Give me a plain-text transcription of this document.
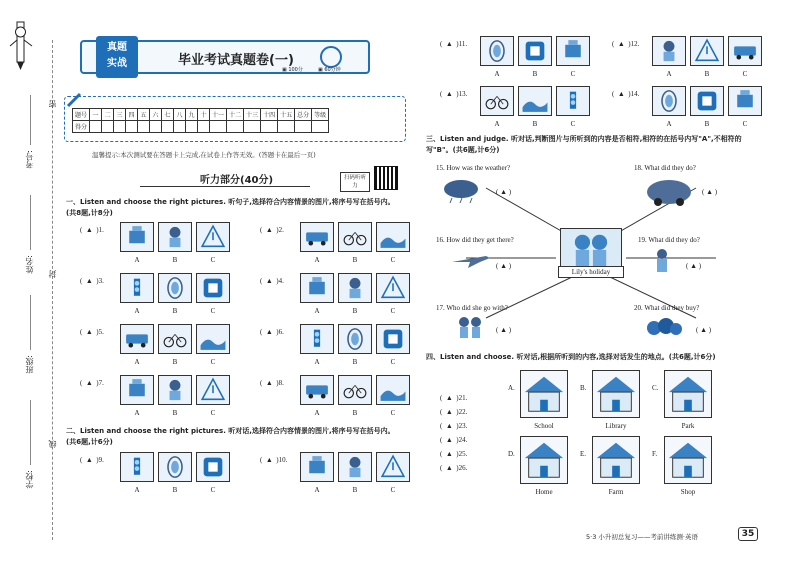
密
封
线
考号:
姓名:
班级:
学校:
真题
实战	毕业考试真题卷(一)
▣ 100分	▣ 60分钟
题号	一	二	三	四	五	六	七	八	九	十	十一	十二	十三	十四	十五	总分	等级
得分																	
温馨提示:本次测试要在答题卡上完成,在试卷上作答无效。(答题卡在最后一页)
听力部分(40分)	扫码听听力
一、Listen and choose the right pictures. 听句子,选择符合内容情景的图片,将序号写在括号内。(共8题,计8分)
(  ▲ )1.
A	B	C
(  ▲ )2.
A	B	C
(  ▲ )3.
A	B	C
(  ▲ )4.
A	B	C
(  ▲ )5.
A	B	C
(  ▲ )6.
A	B	C
(  ▲ )7.
A	B	C
(  ▲ )8.
A	B	C
(  ▲ )9.
A	B	C
(  ▲ )10.
A	B	C
二、Listen and choose the right pictures. 听对话,选择符合内容情景的图片,将序号写在括号内。(共6题,计6分)
(  ▲ )11.
A	B	C
(  ▲ )12.
A	B	C
(  ▲ )13.
A	B	C
(  ▲ )14.
A	B	C
三、Listen and judge. 听对话,判断图片与所听到的内容是否相符,相符的在括号内写"A",不相符的写"B"。(共6题,计6分)
15. How was the weather?
( ▲ )
18. What did they do?
( ▲ )
16. How did they get there?
( ▲ )
Lily's holiday
19. What did they do?
( ▲ )
17. Who did she go with?
( ▲ )
20. What did they buy?
( ▲ )
四、Listen and choose. 听对话,根据所听到的内容,选择对话发生的地点。(共6题,计6分)
(  ▲ )21.
(  ▲ )22.
(  ▲ )23.
(  ▲ )24.
(  ▲ )25.
(  ▲ )26.
A.
School
B.
Library
C.
Park
D.
Home
E.
Farm
F.
Shop
5·3 小升初总复习——考前讲练测·英语	35
